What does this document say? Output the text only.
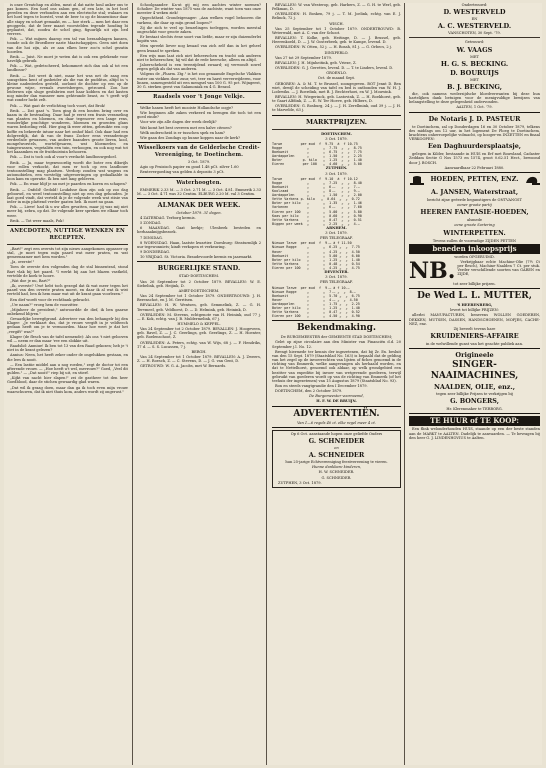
is onze Greatchap en alden, meat al dat natte houl anker ons te pas komen. Een hoel ons zalom gen, of een late, in het boel gereden en deze verbonden aan een electrische stal; walaars en het hoel tegen te borstel, vent de beer to op de binnentiour daar alle stapy en schart gemaakt, en — hoe sterk — men het daar een geoggerlo, dat de beer maast voorstelden tegende houding bi geplaatst, dat, zoodra de schel ging, figuurlijk uit zijn bed verrees.

Pok. — Wat mijnen daarop een tal van beraadslagen kanzen, toonde ook de Broedbeer naste Maatschappijen. Geen niet doen van die hoi zijn, als ze aan elken beer zoo'n schel gezatin hoorden.

Brok. — Juist. Ne moet je weten dat is ook een gelekende voor havelijk gebruik.

Pok. — Wat, gedetscheerd, bekommert zich dan ook al tot een landbouw?

Brok. — Dat weet ik niet, maar het was net de zaag een sonsgebien kent of gasbeider als die van de pudditus, altijd in 's kleine nadenteelen gesteld, oorlomt de dochter op een op de gewone wijze, evenals zweetsbergen, getrouwd. Zon hoe leidersen zijn sluge gesfabrien met haar kobben en dat kasten nog minder dan wanneer men gehteunde beast, zo 't geeft wijl wat zonder lucht zelt.

Pok. — Wat gaat de verlichting toch voort, dat Brok!

Brok. — Dat gaat 's. Toen ging ik een bouten bring over en kaam in de bestraaling. Daar had je eerst een frasis verameling van planten en bloemen, en daar tegenover een lange rens, wonderlijke prachtige wonderen, bloemen en groenten glans waren bedoeling veld. Hier ging ik weer zitten, gebruikte een cop koffie en bekeerde intuur naar het omhof blad. Ook daar had een dolgreedijk, dat ik van de frans Zocher eens veranderinge verdeelsde gewassen, van andere baanders groote lieren, kool, mongelworstels, worteltjesaren, wat bloemerlen en tuingewassen, vegetaliën een tuin, verhoogen, en ook nog wat tot het kaaamken en de fruithuistuin behooren.

Pok. — Dat is toch ook al voor's verdacht landbouwgedoel.

Brok. — Ja, maar tegenwoordig wordt die boter een dikwijls voor rollen verkocht, dat men er toch op een landbouw tentoonstelling mag plaatsen. Verdorp zouden wat wagens en automobielen, een vorstelijg uitgevoeringen op gedaalkalde in loon kam en operatie. Ik ben niet lang gebleven.

Pok. — En waar blijf je nu met je paarden en koren en schapen?

Brok. — Onfold! Gedold! Loukdsse ikon zijn ook op zoo dag gebouwd, en werd tentoonstelling niet op een dag gehouden. Je laat goed vindt, dat verteld ik je de volgende week wat stisie van ieder in mijn plattend verder gaaten heb. Ik moet nu gaan.

Pok. — Lieve! had ik u uw alles gevatten, maar jij was mij niet meer bij, zebra, op dat. De volgende keer spreken we elkaar toch weer.

Brok. — Tot weer maals, Pok!

ANECDOTEN, NUTTIGE WENKEN EN RECEPTEN.

„Bart!" zegt een oversts tot zijn nieuw aangekomen oppasser op stal, „je moet tegen mijn paard wat meer praten, en wat gemeenzamer met hem worden."

„Ja, overste!"

Toen de overste den volgenden dag de stal binnentrad, stond Bart vlak bij het paard. "I werkt bij aan het blazen vastkeld, vertelde de koek te hoore.

„Wat doe je nu, Bart?"

„Ik, overste? Uwé hebt toch gezegd dat ik wat meer tegen het paard van den overste praten moest, en daar ik al wat ik wist verteld had, ben ik hem maar wat uit de krant gaan voorlezen."

Een dief wordt voor de rechtbank gebracht.

„Uw naam?" vroeg hem de voorzitter.

„Mijnheer de president," antwoordde de dief, ik ben gaarne onbekend blijven."

Gevaarlijke bewegfgrond. Adverteer van den behangelr bij den Klager: „Je verklaart dus, dat je vrouw vergift in je veldteech gedaan heeft om je te vermoorden. Maar hoe weet je dat het „vergift" was?"

Klager (de flesch van de tafel nemende): Als ons 't niet gelooven wil — neem er dan maar 'ree een slokkie uit.

Raadslid: Anmiue! Ik ben tot 13 van den Raad gekozen; heb je 't niet in de krant gelezen?

Annius: Neen, het heeft zeker onder de ongelukken gestaan, en die lees ik nooit.

— Een lastiie middel aan u nog roeden," zegt de doctor tot een afterende vrouw. — „Hoe heeft u't wel, mevrouw?" Goed, „Veel dit gulden." — „Dat nooit!" riep bij uit, en stierf.

„Kijkt van nacht hier slapen!" zei de gastheer tot den heer Goedblood, daar de stichen gewaardig glad waren.

„Dat wil ik graag doen, maar dan ga ik toch even mijn vrouw waarschuwen, dat ik niet thuis kom, anders wordt zij ongerust."

Schoolgaander: Ka-ut gij mij een aachtes winter noemen? Scholier: De wintter van 1875 was de zachtste, want toen was onze meester 4 weken ziek!

Opgechtheid. Grondeigenager: „Aan welken vogel behooren die varkens, die daar op mijn grond loopen?"

Zij die zich te veel op beuzelingen toeleggen, worden meestal ongeschikt voor groote zaken.

Er bestaat slechts éene soort van liefde, maar er zijn duizenderlei kopiën van.

Men spreekt liever nog kwaad van zich zelf dan in het geheel geen kwaad te spreken.

Een wijs man laat zich niet beheerschen en tracht ook anderen niet te beheerschen; hij wil dat de rede heersche, alleen en altijd.

Jaloerscheheid is een tweezijdend zwaard; zij verwondt zowel zegen gelijk als dat van anderen.

Volgens de „Pharm. Ztg." is het zoo genaamde Engelsche Vlakken water om viekken door zuur, vet, teer en harst ververwijderen, voor linnen, samengesteld uit een mengsel van 100 G. 95 pct. Wijngeest, 30 G. sterken geest van Salamoniak en 4 G. Benzol.

Raadsels voor 't Jonge Velkje.

Welke hanen heeft het mooiste Hollandsche oogje?

Wie beginnen alle zaken verkeerd en brengen die toch tot een goed einde?

Voor wie zijn alle dagen der week deelijk?

Wat komt het best overeen met een halve citroen?

Welk onderscheid is er tusschen spek en ham?

Wie gaan des Zondags op hunne koppen naar de kerk?

Wisselkoers van de Gelderlsche Credit-Vereeniging, te Doetinchem.

3 Oct. 1879.

Agio op Pruisisch papier en goud 1.48 pCt. zilver 1.60

Rentevergoeding van gelden à deposito 3 pCt.

Waterhoogten.

EMMERIK 2.33 M. — 3 Oct. 2.71 M. — 3 Oct. 4.81. Emmerik 2.33 M. — 3 Oct. 4.71 was 32 Centim. ELBURG 2.20 M. val 3 Centim.

ALMANAK DER WEEK.

October 1879. 31 dagen.

4 ZATERDAG. Terborg kermis.

5 ZONDAG.

6 MAANDAG. Gaat kerkje; Ulenbeek besteden en herhaaaknijgsbezoek.

7 DINSDAG.

8 WOENSDAG. Haan, laatste kwartier. Doesburg: Steaturmlijk 2 uur tegewonniets; kindt verkopen et verkeuring.

9 DONDERDAG.

10 VRIJDAG. St. Victoria. Braudevoorde kermis en jaarmarkt.

BURGERLIJKE STAND.

STAD-DOETINCHEM.

Van 26 September tot 2 October 1879. BEVALLEN: W. E. Siebelink, geb. Heijink, D.

AMBT-DOETINCHEM.

Van 24 September tot 1 October 1879. ONDERTROUWD: J. H. Berenschot, en J. M. Gerritsen.

BEVALLEN: H. W. Wentsen, geb. Semmelink, Z. — G. H. Tervmeel, geb. Veldhorst, D. — D. Helmink, geb. Heinink, D.

OVERLEDEN: M. Stevens, echtgenote van H. Heinink, oud 77 j. — E. Kok, echtg. van J. B. Muldermelink, 67 j.

HUMMELO & KEPPEL.

Van 24 September tot 2 October 1879. BEVALLEN: J. Hoogeveen, geb. Ravel, Z. — J. C. Geerlings, geb. Geerlings, Z. — H. Hoenter, geb. Roelenschoot, Z.

OVERLEDEN: A. Peters, echtg. van W. Wijs, 68 j. — F. Hendriks, 17 d. — S. S. Lucassen, 7 j.

BERGH.

Van 24 September tot 1 October 1879. BEVALLEN: A. J. Zweers, Z. — H. Roesch, Z. — C. Stevens, D. — J. G. van Gent, D.

GETROUWD: W. G. A. Jacobs, met W. Bernards.

BEVALLEN: W. van Westerop, geb. Harbers, Z. — G. H. te Werl, geb. Pelkman, D.

OVERLEDEN: H. Bosken, 79 j. — T. M. Joelink, echtg. van E. J. Belinck, 72 j.

WISCH.

Van 25 September tot 1 October 1879. ONDERTROUWD: B. Weterwald, met A. C. van der Schoot.

BEVALLEN: T. Kolke, geb. Heitinge, D. — J. Brussel, geb. Heerenkoeld, D. — J. W. Oosterbeek, geb. te Kampe, levend. D.

OVERLEDEN: W. Otten, 52 j. — H. Bosah, 81 j. — G. Orbecs, 2 j.

DINXPERLO.

Van 27 tot 29 September 1879.

BEVALLEN: J. H. Mijnheitink, geb. Vrieze, Z.

OVERLEDEN: G. J. Gerettes, levenl. D. — T. te Linders, levenl. D.

GROENLO.

Oct. de maand Sept.

GEBOREN: A. & M. T. te Brussel, zoongegeven. BOT Jennt D. Ben wiet, dewijl de scheiding van tafel en bed is ontbonden van W. H. J. Lodewiks. — J. Roerdink, met B. J. Bechterhoei, en W. J. Mouwink.

BEVALLEN: H. Wiegerinck, geb. Lastovink, Z. — H. Boekhorst, geb. te Gaart Alfdink, Z. — E. W. Ter Hoeve, geb. Hilbers, D.

OVERLEDEN: G. Bosburg, 24 j. — J. H. Zerellmink, oud 39 j. — J. H. te Marvelde, 63 j.

MARKTPRIJZEN.

DOETINCHEM.

3 Oct. 1879.

Tarwe         per mud  f  9.75  à  f 10.75
Rogge            „       „  7.75  „  „  8.75
Boekweit         „       „  6.75  „  „  7.75
Aardappelen      „       „  1.50  „  „  2.25
Boter          p. kilo   „  1.25  „  „  1.40
Eieren         per 100   „  4.60  „  „  5.00

ZUTPHEN.

3 Oct. 1879.

Tarwe         per mud  f  9.10  à  f 10.12
Rogge            „       „  7.25  „  „  8.40
Boekweit         „       „  6.—   „  „  7.—
Koolzaad         „       „  8.—   „  „  9.—
Aardappelen      „       „  1.50  „  „  2.00
Vette Varkens p. kilo   „  0.64  „  „  0.72
Boter per kilo   „       „  1.35  „  „  1.46
Varkenen         „       „  6.—   „  „  7.60
Eieren per 100   „       „  5.00  „  „  5.80
Kaas per kilo    „       „  0.60  „  „  0.90
Vette Varkens    „       „  0.47  „  „  0.51
Biggen per week  „       „  2.25  „  „  4.—

ARNHEM.

3 Oct. 1879.

PER TELEGRAAF.

Nieuwe Tarwe  per mud  f  9.— à f 11.50
Nieuwe Rogge     „       „  6.25 „  „  7.75
Haver            „       „  4.25 „  „  4.50
Boekweit         „       „  5.00 „  „  6.00
Boter per kilo   „       „  1.25 „  „  1.40
Vette Varkens    „       „  0.48 „  „  0.54
Eieren per 100   „       „  4.25 „  „  4.75

DEVENTER.

3 Oct. 1879.

PER TELEGRAAF.

Nieuwe Tarwe  per mud  f  9.— à f 10.—
Nieuwe Rogge     „       „  7.— „  „  8.—
Boekweit         „       „  5.70 „  „  6.75
Haver            „       „  4.— „  „  4.50
Aardappelen      „       „  1.75 „  „  2.25
Boter per kilo   „       „  1.25 „  „  1.40
Vette Varkens    „       „  0.47 „  „  0.52
Eieren per 100   „       „  4.50 „  „  4.90

Bekendmaking.

De BURGEMEESTER der GEMEENTE STAD DOETINCHEM;

Gelet op zijne circulaire aan den Minister van Financiën d.d. 20 September j.l. No. 12.

Brengt hiermede ter kennis der ingezetenen, dat bij Zr. Ex. besluit van den 15 Sept. 1879 (Staatsblad No. 163) is bepaald dat de gelding van het zegel op de invoerrechten van lijsten of fiches genoemd in de richting van Emmerik, welke aangevangen als herhaald worden, en dat te Nettelhorst, genoemd ook aldaar, op welk grondgebied een bezitter van expeditie bij invoer van wetgevende goederen, terwijl gebruikt van goederen wordt op van de richting van Emmerik (of het teehuis der ingezetenen) van 15 Augustus 1879 (Staatsblad No. 93).

Bon en steeds vangtgrandie den I December 1879.

DOETINCHEM, den 2 October 1879.

De Burgemeester voornoemd,

H. F. W. DE BRUIJN.

ADVERTENTIËN.

Van 1—6 regels 40 ct. elke regel meer 4 ct.

Op 6 Oct. aanstaande hopen onze geliefde Ouders

G. SCHNEIDER

en

A. SCHNEIDER

hun 25-jarige Echtvereeniging feestvereening te vieren.

Hunne dankbare kinderen,

H. W. SCHNEIDER.

G. SCHNEIDER.

ZUTPHEN, 3 Oct. 1879.

Ondertrouwd:

D. WESTERVELD

EN

A. C. WESTERVELD.

VANSCHOTEN, 30 Sept. '79.

Getrouwd:

W. VAAGS

MET

H. G. S. BECKING.

D. BOURUIJS

MET

B. J. BECKING,

die, ook namens wederzijdsche bloedverwanten bij deze hun hartelijken dank betuigen voor de menigvuldige bewijzen van belangstelling te deze gelegenheid ondervonden.

AALTEN, 1 Oct. '79.

De Notaris J. D. PASTEUR

te Doetinchem, zal op Donderdagen 16 en 30 October 1879, telkens des middags om 12 uur, in het logement De Ploeg te Doetinchem, krachtens onherroepelijke volmacht, op hooger-en INZETTEN en finaal VERKOOPEN:

Een Daghuurdersplaatsje,

gelegen in Kilder, bestaande in HUIS en Erf met Bouwland, Cadaster Zeddam Sectie G Nos 1573 en 1574, groot 0.62.51 Hect., bewoond door J. BOSCH.

Aanvaardbaar 22 Februari 1880.

HOEDEN, PETTEN, ENZ.

A. JANSEN, Waterstraat,

bericht zijne geëerde begunstigers de ONTVANGST

eener groote partij

HEEREN FANTASIE-HOEDEN,

alsmede

eene groote Sortering

WINTERPETTEN.

Tevens zullen de voorradige ZIJDEN PETTEN

beneden inkoopsprijs

worden OPGERUIMD.

NB.	Verkrijgbaar echte Machine-Olie (7½ Ct per flesch), Machine-Naalden 7 Ct. per stuk. Verder verschillende soorten van GAREN en ZIJDE,

tot zeer billijke prijzen.

De Wed L. L. MUTTER,

'S HEERENBERG,

levert tot billijke PRIJZEN:

allerlei MANUFACTUREN, benevens WOLLEN GOEDEREN, DEKKEN, MUTSEN, DASSEN, HANDSCHOENEN, MOFJES, CACHE-NEZ, enz.

Zij beveelt tevens hare

KRUIDENIERS-AFFAIRE

in de welwillende gunst van het geachte publiek aan.

Origineele

SINGER-NAAIMACHINES,

NAALDEN, OLIE, enz.,

tegen zeer billijke Prijzen te verkrijgen bij

G. BONGERS,

Hr. Klerenmaker te TERBORG.

TE HUUR of TE KOOP:

Een flink welonderhouden HUIS, staande op een der beste standen aan de MARKT te AALTEN. Dadelijk te aanvaarden. — Te bevragen bij den heer G. J. LINDENHOVIUS te Aalten.
